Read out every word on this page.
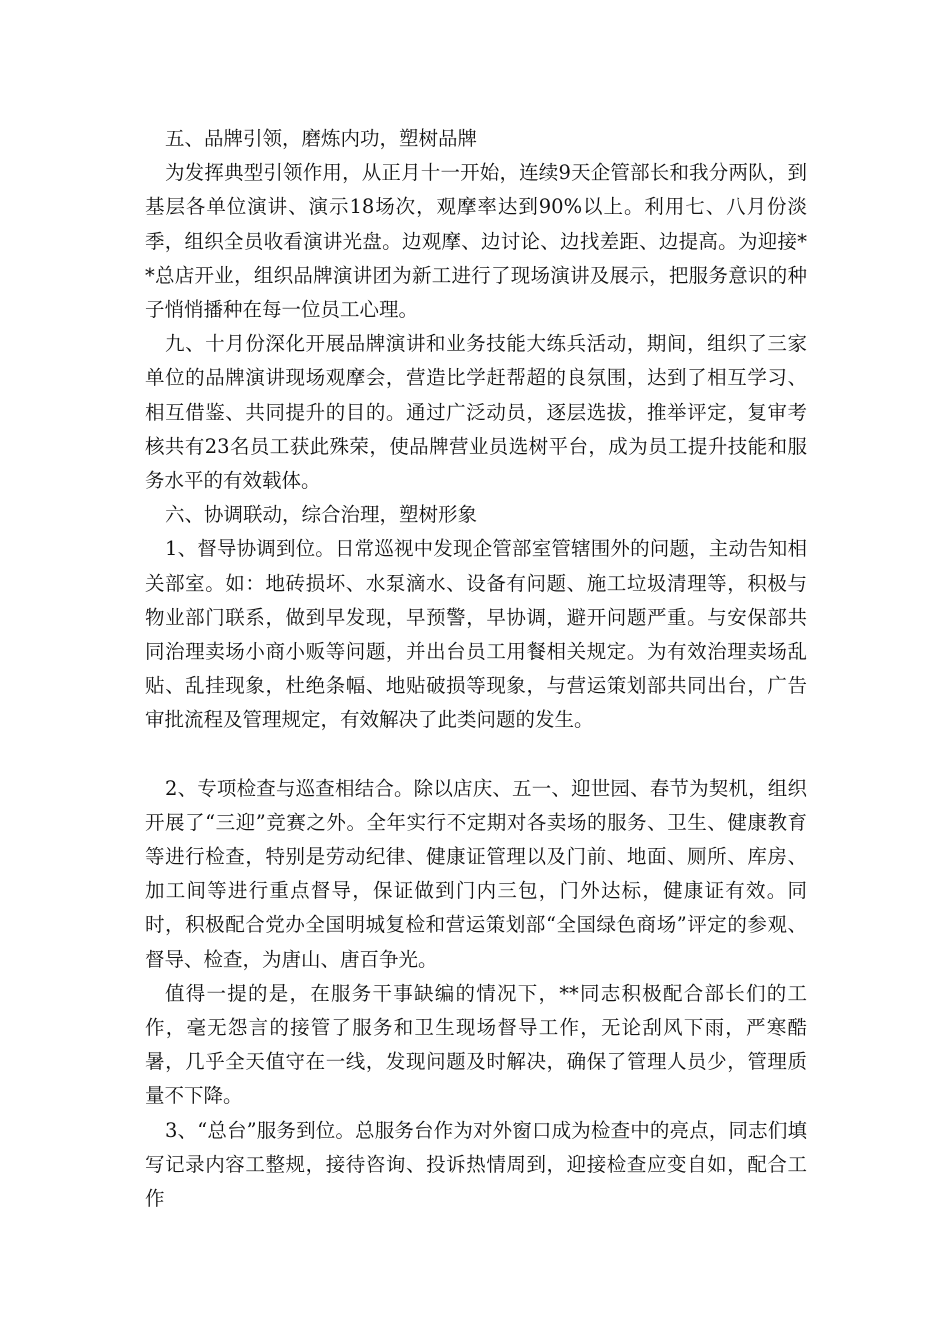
五、品牌引领，磨炼内功，塑树品牌

为发挥典型引领作用，从正月十一开始，连续9天企管部长和我分两队，到基层各单位演讲、演示18场次，观摩率达到90%以上。利用七、八月份淡季，组织全员收看演讲光盘。边观摩、边讨论、边找差距、边提高。为迎接**总店开业，组织品牌演讲团为新工进行了现场演讲及展示，把服务意识的种子悄悄播种在每一位员工心理。

九、十月份深化开展品牌演讲和业务技能大练兵活动，期间，组织了三家单位的品牌演讲现场观摩会，营造比学赶帮超的良氛围，达到了相互学习、相互借鉴、共同提升的目的。通过广泛动员，逐层选拔，推举评定，复审考核共有23名员工获此殊荣，使品牌营业员选树平台，成为员工提升技能和服务水平的有效载体。

六、协调联动，综合治理，塑树形象

1、督导协调到位。日常巡视中发现企管部室管辖围外的问题，主动告知相关部室。如：地砖损坏、水泵滴水、设备有问题、施工垃圾清理等，积极与物业部门联系，做到早发现，早预警，早协调，避开问题严重。与安保部共同治理卖场小商小贩等问题，并出台员工用餐相关规定。为有效治理卖场乱贴、乱挂现象，杜绝条幅、地贴破损等现象，与营运策划部共同出台，广告审批流程及管理规定，有效解决了此类问题的发生。

2、专项检查与巡查相结合。除以店庆、五一、迎世园、春节为契机，组织开展了“三迎”竞赛之外。全年实行不定期对各卖场的服务、卫生、健康教育等进行检查，特别是劳动纪律、健康证管理以及门前、地面、厕所、库房、加工间等进行重点督导，保证做到门内三包，门外达标，健康证有效。同时，积极配合党办全国明城复检和营运策划部“全国绿色商场”评定的参观、督导、检查，为唐山、唐百争光。

值得一提的是，在服务干事缺编的情况下，**同志积极配合部长们的工作，毫无怨言的接管了服务和卫生现场督导工作，无论刮风下雨，严寒酷暑，几乎全天值守在一线，发现问题及时解决，确保了管理人员少，管理质量不下降。

3、“总台”服务到位。总服务台作为对外窗口成为检查中的亮点，同志们填写记录内容工整规，接待咨询、投诉热情周到，迎接检查应变自如，配合工作
